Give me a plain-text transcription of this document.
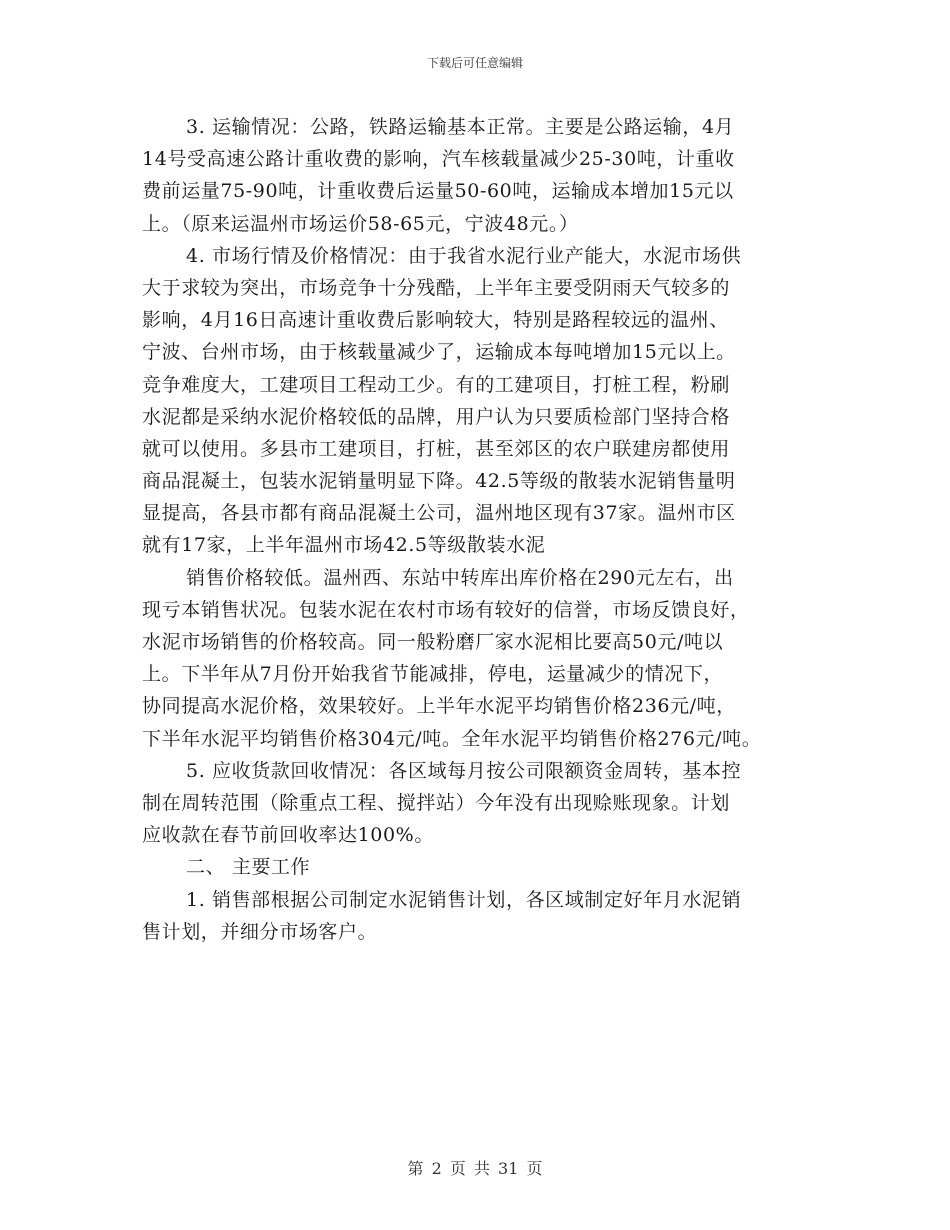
下载后可任意编辑
3. 运输情况：公路，铁路运输基本正常。主要是公路运输，4月
14号受高速公路计重收费的影响，汽车核载量减少25-30吨，计重收
费前运量75-90吨，计重收费后运量50-60吨，运输成本增加15元以
上。（原来运温州市场运价58-65元，宁波48元。）
4. 市场行情及价格情况：由于我省水泥行业产能大，水泥市场供
大于求较为突出，市场竞争十分残酷，上半年主要受阴雨天气较多的
影响，4月16日高速计重收费后影响较大，特别是路程较远的温州、
宁波、台州市场，由于核载量减少了，运输成本每吨增加15元以上。
竞争难度大，工建项目工程动工少。有的工建项目，打桩工程，粉刷
水泥都是采纳水泥价格较低的品牌，用户认为只要质检部门坚持合格
就可以使用。多县市工建项目，打桩，甚至郊区的农户联建房都使用
商品混凝土，包装水泥销量明显下降。42.5等级的散装水泥销售量明
显提高，各县市都有商品混凝土公司，温州地区现有37家。温州市区
就有17家，上半年温州市场42.5等级散装水泥
销售价格较低。温州西、东站中转库出库价格在290元左右，出
现亏本销售状况。包装水泥在农村市场有较好的信誉，市场反馈良好，
水泥市场销售的价格较高。同一般粉磨厂家水泥相比要高50元/吨以
上。下半年从7月份开始我省节能减排，停电，运量减少的情况下，
协同提高水泥价格，效果较好。上半年水泥平均销售价格236元/吨，
下半年水泥平均销售价格304元/吨。全年水泥平均销售价格276元/吨。
5. 应收货款回收情况：各区域每月按公司限额资金周转，基本控
制在周转范围（除重点工程、搅拌站）今年没有出现赊账现象。计划
应收款在春节前回收率达100%。
二、 主要工作
1. 销售部根据公司制定水泥销售计划，各区域制定好年月水泥销
售计划，并细分市场客户。
第 2 页 共 31 页
